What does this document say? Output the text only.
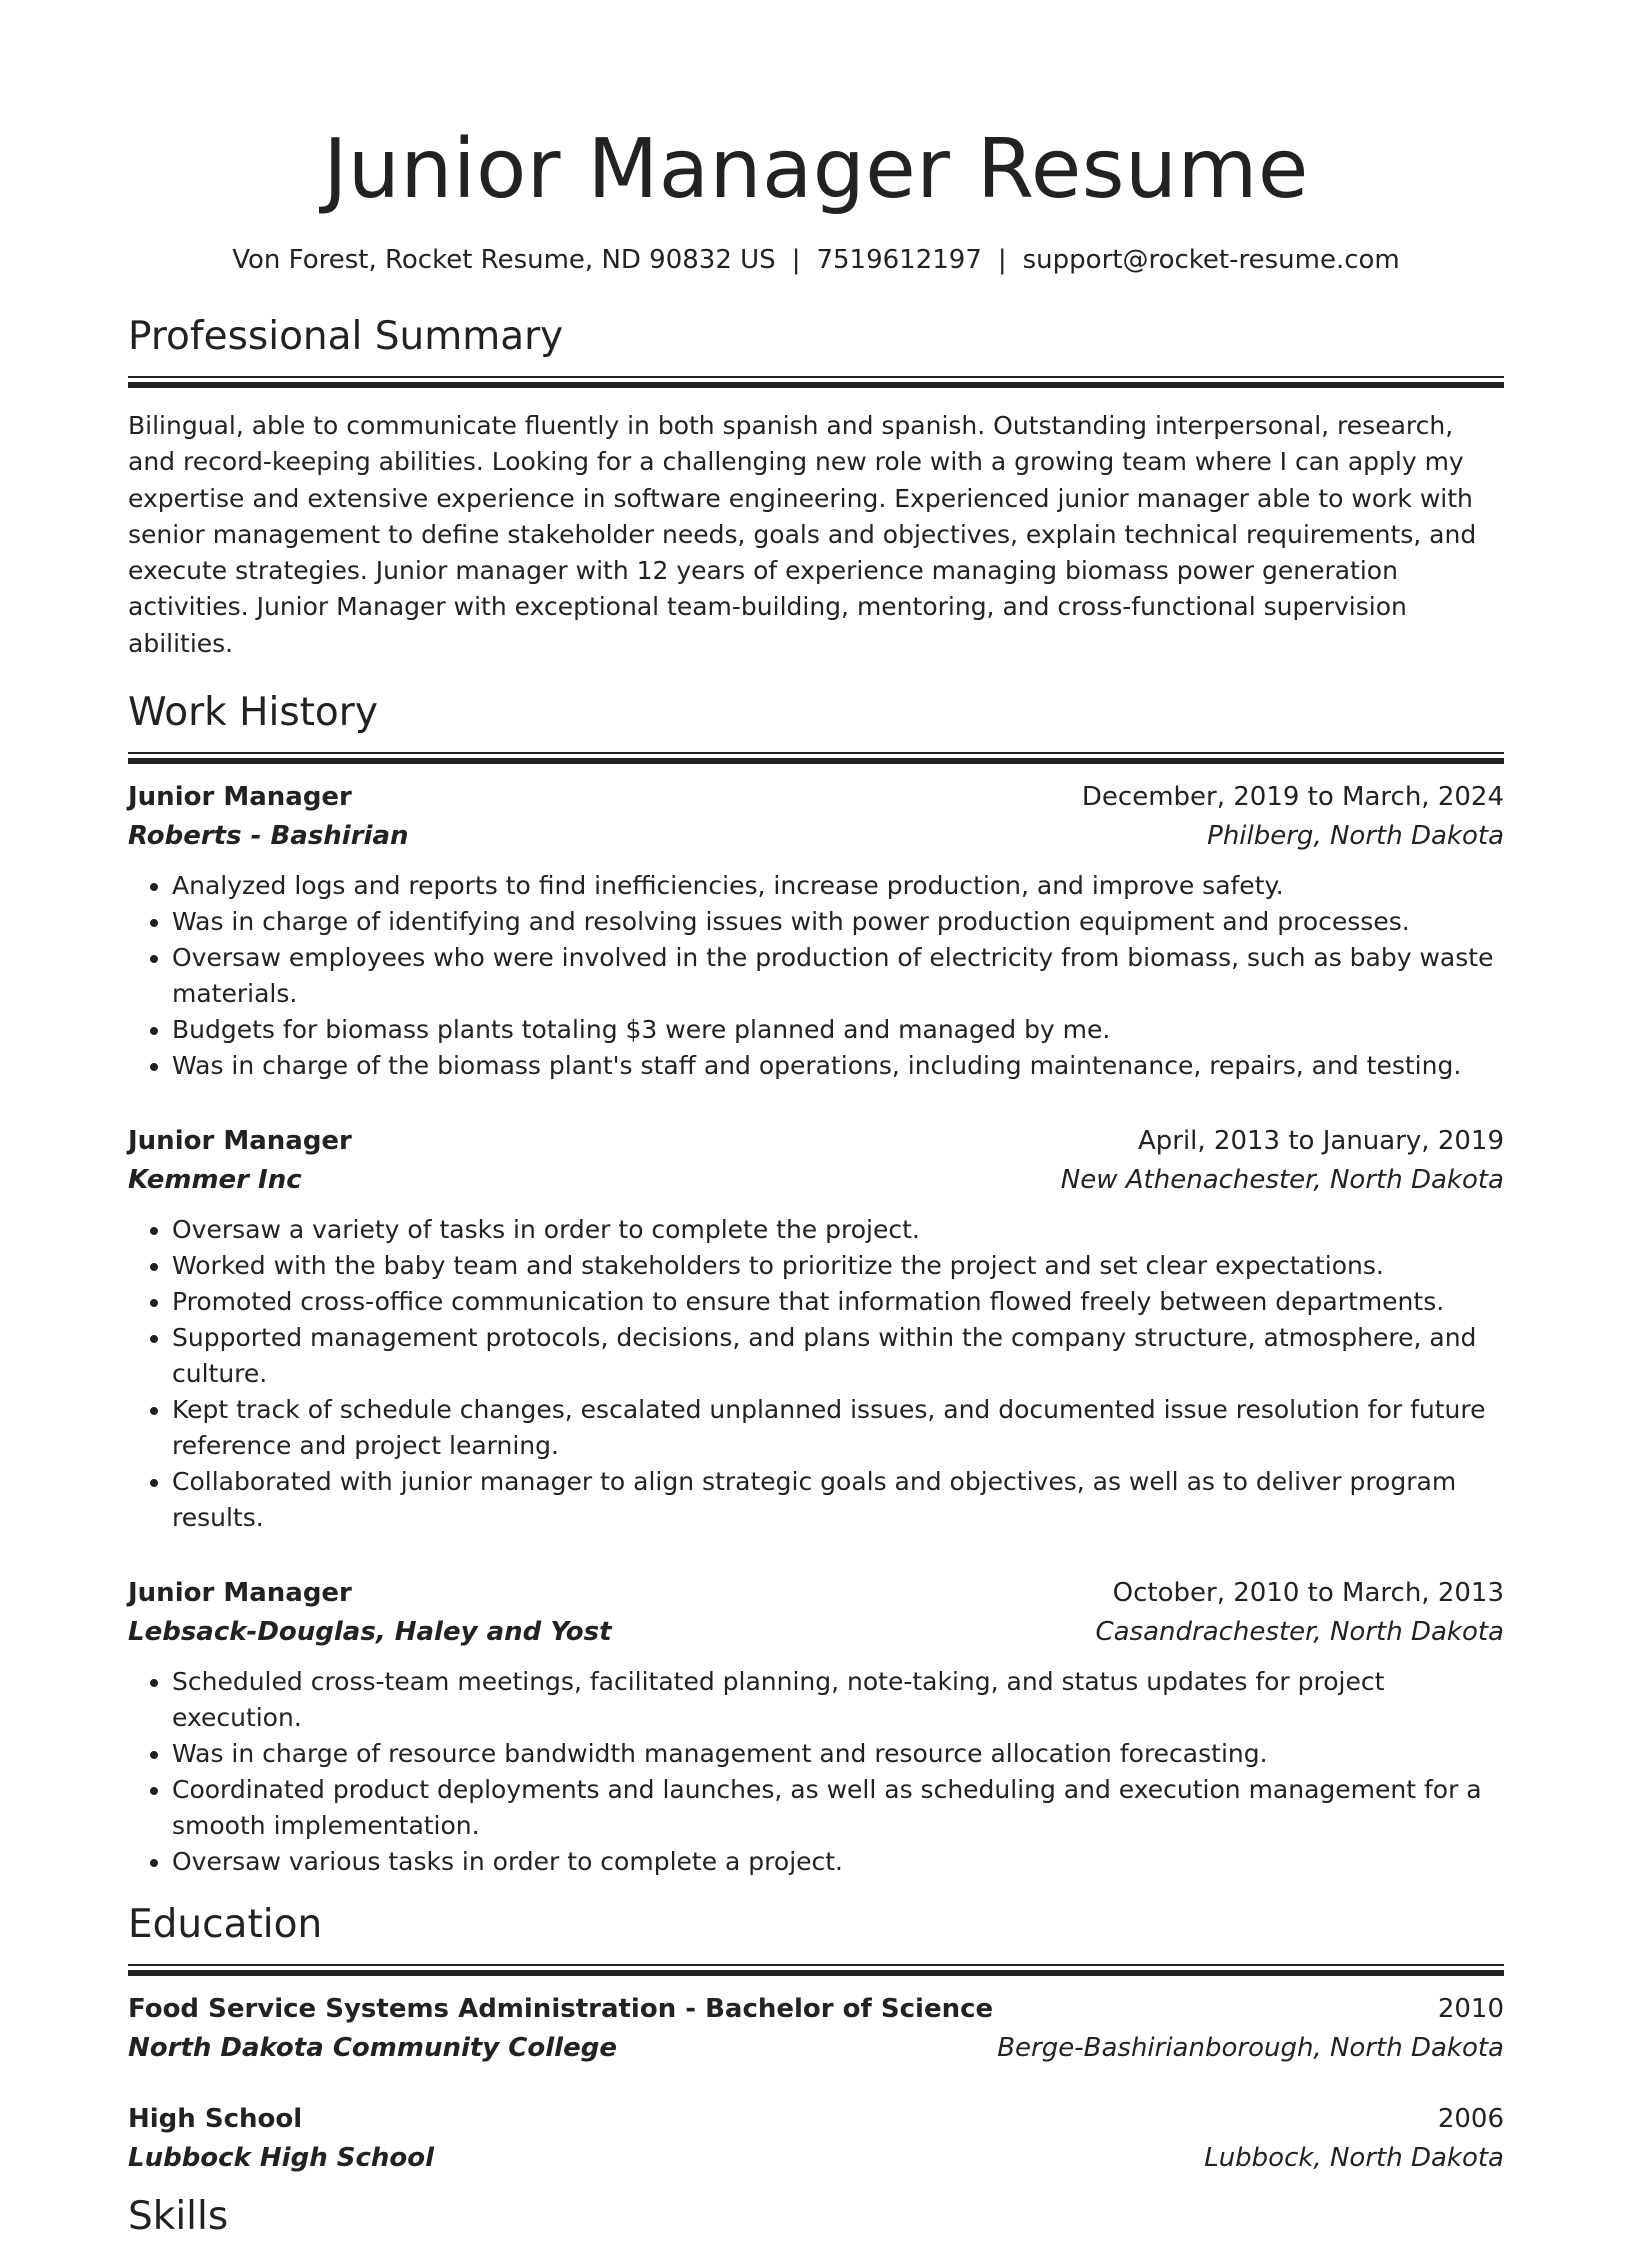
Junior Manager Resume
Von Forest, Rocket Resume, ND 90832 US | 7519612197 | support@rocket-resume.com
Professional Summary

Bilingual, able to communicate fluently in both spanish and spanish. Outstanding interpersonal, research, and record-keeping abilities. Looking for a challenging new role with a growing team where I can apply my expertise and extensive experience in software engineering. Experienced junior manager able to work with senior management to define stakeholder needs, goals and objectives, explain technical requirements, and execute strategies. Junior manager with 12 years of experience managing biomass power generation activities. Junior Manager with exceptional team-building, mentoring, and cross-functional supervision abilities.

Work History
Junior Manager	December, 2019 to March, 2024
Roberts - Bashirian	Philberg, North Dakota
• Analyzed logs and reports to find inefficiencies, increase production, and improve safety.
• Was in charge of identifying and resolving issues with power production equipment and processes.
• Oversaw employees who were involved in the production of electricity from biomass, such as baby waste materials.
• Budgets for biomass plants totaling $3 were planned and managed by me.
• Was in charge of the biomass plant's staff and operations, including maintenance, repairs, and testing.
Junior Manager	April, 2013 to January, 2019
Kemmer Inc	New Athenachester, North Dakota
• Oversaw a variety of tasks in order to complete the project.
• Worked with the baby team and stakeholders to prioritize the project and set clear expectations.
• Promoted cross-office communication to ensure that information flowed freely between departments.
• Supported management protocols, decisions, and plans within the company structure, atmosphere, and culture.
• Kept track of schedule changes, escalated unplanned issues, and documented issue resolution for future reference and project learning.
• Collaborated with junior manager to align strategic goals and objectives, as well as to deliver program results.
Junior Manager	October, 2010 to March, 2013
Lebsack-Douglas, Haley and Yost	Casandrachester, North Dakota
• Scheduled cross-team meetings, facilitated planning, note-taking, and status updates for project execution.
• Was in charge of resource bandwidth management and resource allocation forecasting.
• Coordinated product deployments and launches, as well as scheduling and execution management for a smooth implementation.
• Oversaw various tasks in order to complete a project.
Education
Food Service Systems Administration - Bachelor of Science	2010
North Dakota Community College	Berge-Bashirianborough, North Dakota
High School	2006
Lubbock High School	Lubbock, North Dakota
Skills
